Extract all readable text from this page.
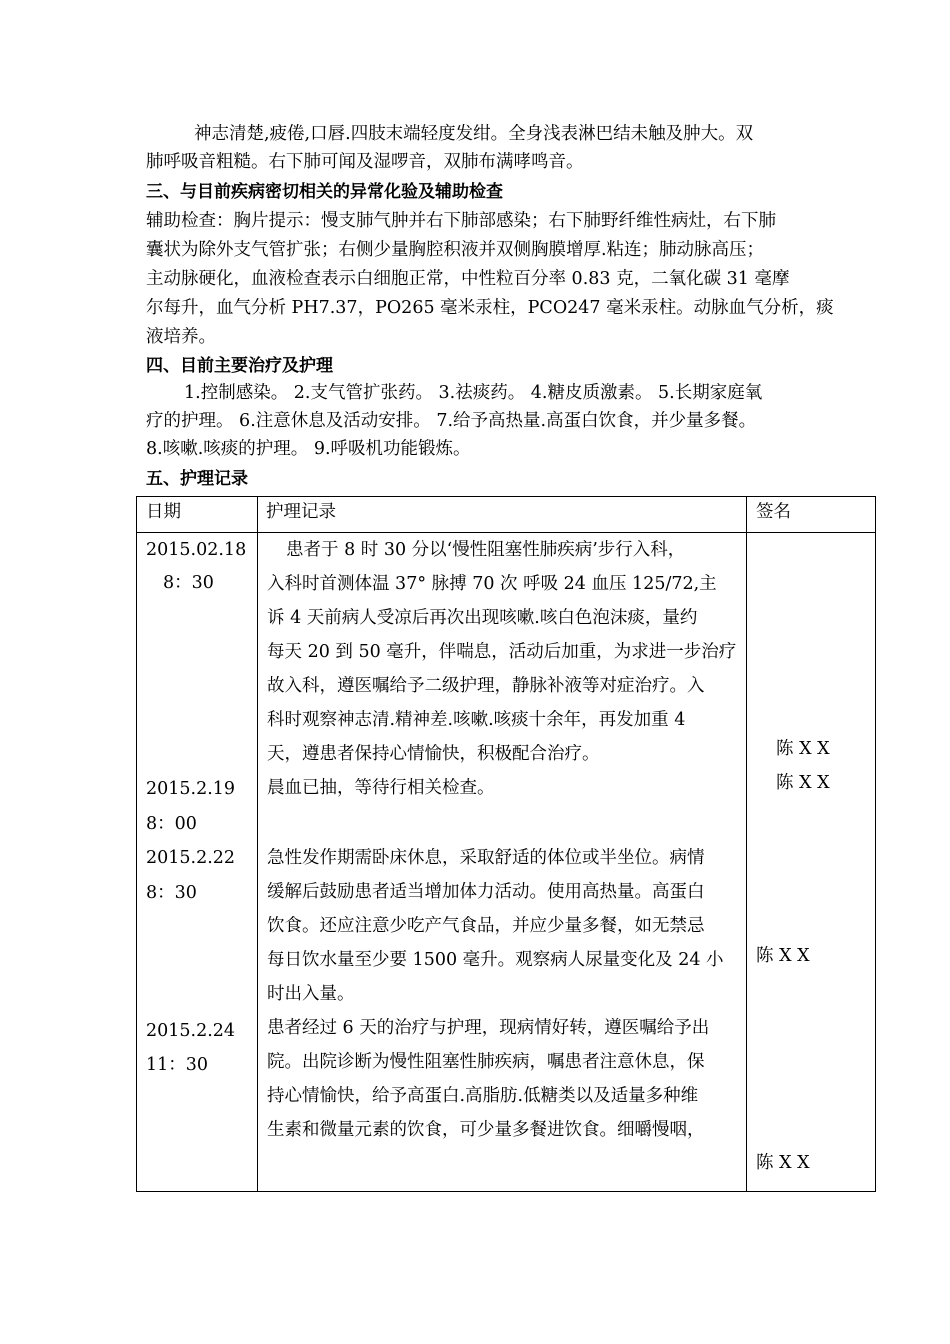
神志清楚,疲倦,口唇.四肢末端轻度发绀。全身浅表淋巴结未触及肿大。双
肺呼吸音粗糙。右下肺可闻及湿啰音，双肺布满哮鸣音。
三、与目前疾病密切相关的异常化验及辅助检查
辅助检查：胸片提示：慢支肺气肿并右下肺部感染；右下肺野纤维性病灶，右下肺
囊状为除外支气管扩张；右侧少量胸腔积液并双侧胸膜增厚.粘连；肺动脉高压；
主动脉硬化，血液检查表示白细胞正常，中性粒百分率 0.83 克，二氧化碳 31 毫摩
尔每升，血气分析 PH7.37，PO265 毫米汞柱，PCO247 毫米汞柱。动脉血气分析，痰
液培养。
四、目前主要治疗及护理
1.控制感染。 2.支气管扩张药。 3.祛痰药。 4.糖皮质激素。 5.长期家庭氧
疗的护理。 6.注意休息及活动安排。 7.给予高热量.高蛋白饮食，并少量多餐。
8.咳嗽.咳痰的护理。 9.呼吸机功能锻炼。
五、护理记录
日期	护理记录	签名
2015.02.18
8：30
2015.2.19
8：00
2015.2.22
8：30
2015.2.24
11：30
患者于 8 时 30 分以‘慢性阻塞性肺疾病’步行入科，
入科时首测体温 37° 脉搏 70 次 呼吸 24 血压 125/72,主
诉 4 天前病人受凉后再次出现咳嗽.咳白色泡沫痰，量约
每天 20 到 50 毫升，伴喘息，活动后加重，为求进一步治疗
故入科，遵医嘱给予二级护理，静脉补液等对症治疗。入
科时观察神志清.精神差.咳嗽.咳痰十余年，再发加重 4
天，遵患者保持心情愉快，积极配合治疗。
晨血已抽，等待行相关检查。
急性发作期需卧床休息，采取舒适的体位或半坐位。病情
缓解后鼓励患者适当增加体力活动。使用高热量。高蛋白
饮食。还应注意少吃产气食品，并应少量多餐，如无禁忌
每日饮水量至少要 1500 毫升。观察病人尿量变化及 24 小
时出入量。
患者经过 6 天的治疗与护理，现病情好转，遵医嘱给予出
院。出院诊断为慢性阻塞性肺疾病，嘱患者注意休息，保
持心情愉快，给予高蛋白.高脂肪.低糖类以及适量多种维
生素和微量元素的饮食，可少量多餐进饮食。细嚼慢咽，
陈 X X
陈 X X
陈 X X
陈 X X
